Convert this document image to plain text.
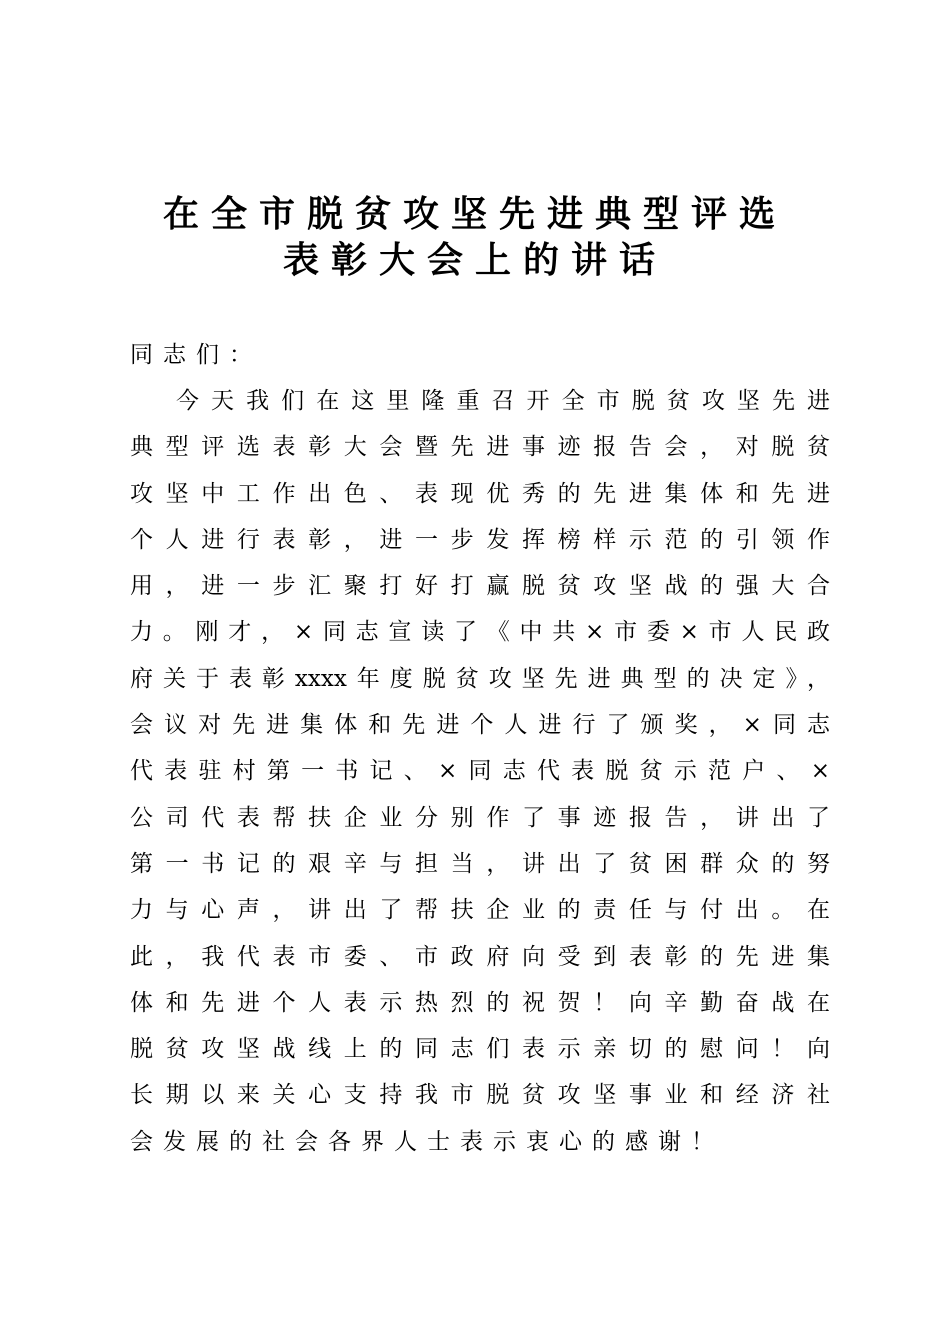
在全市脱贫攻坚先进典型评选
表彰大会上的讲话
同志们：
今天我们在这里隆重召开全市脱贫攻坚先进
典型评选表彰大会暨先进事迹报告会，对脱贫
攻坚中工作出色、表现优秀的先进集体和先进
个人进行表彰，进一步发挥榜样示范的引领作
用，进一步汇聚打好打赢脱贫攻坚战的强大合
力。刚才，×同志宣读了《中共×市委×市人民政
府关于表彰xxxx年度脱贫攻坚先进典型的决定》，
会议对先进集体和先进个人进行了颁奖，×同志
代表驻村第一书记、×同志代表脱贫示范户、×
公司代表帮扶企业分别作了事迹报告，讲出了
第一书记的艰辛与担当，讲出了贫困群众的努
力与心声，讲出了帮扶企业的责任与付出。在
此，我代表市委、市政府向受到表彰的先进集
体和先进个人表示热烈的祝贺！向辛勤奋战在
脱贫攻坚战线上的同志们表示亲切的慰问！向
长期以来关心支持我市脱贫攻坚事业和经济社
会发展的社会各界人士表示衷心的感谢！
